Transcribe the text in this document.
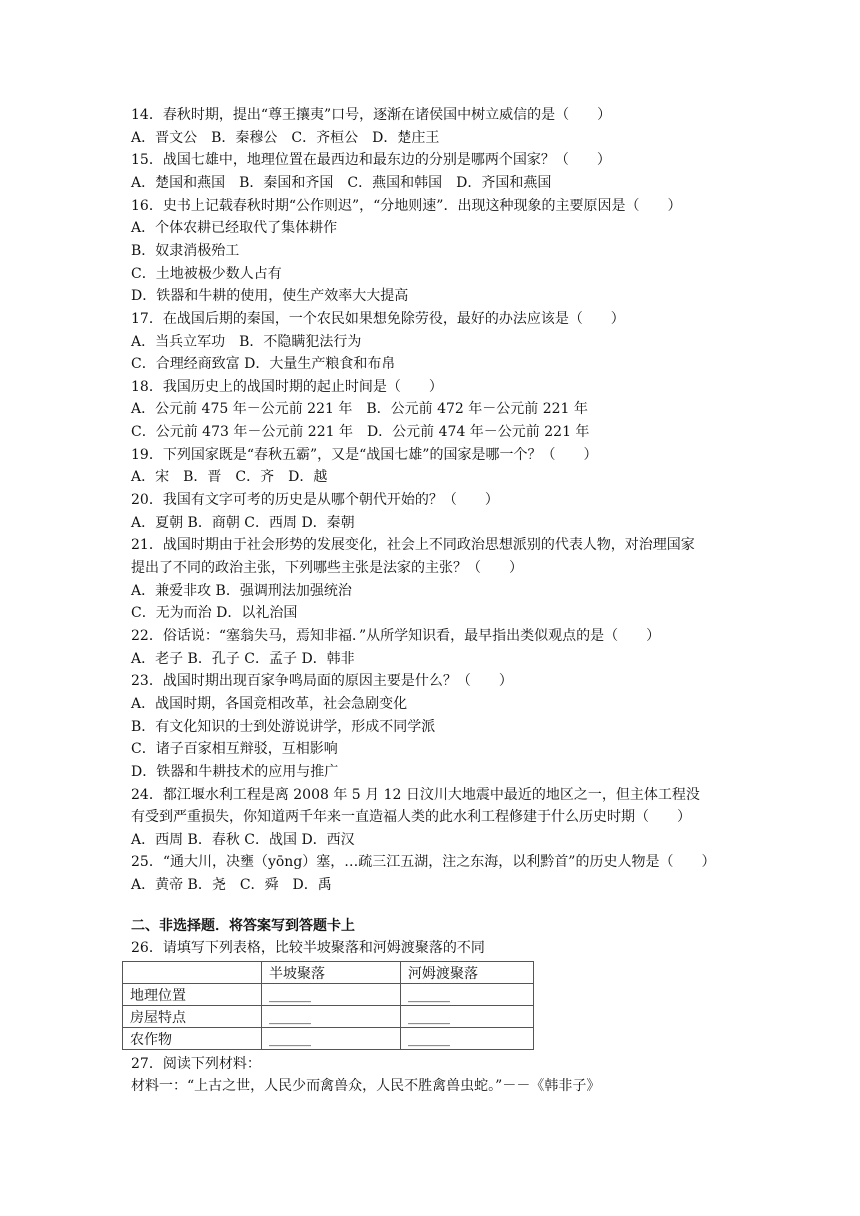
14．春秋时期，提出“尊王攘夷”口号，逐渐在诸侯国中树立威信的是（　　）
A．晋文公　B．秦穆公　C．齐桓公　D．楚庄王
15．战国七雄中，地理位置在最西边和最东边的分别是哪两个国家？（　　）
A．楚国和燕国　B．秦国和齐国　C．燕国和韩国　D．齐国和燕国
16．史书上记载春秋时期“公作则迟”，“分地则速”．出现这种现象的主要原因是（　　）
A．个体农耕已经取代了集体耕作
B．奴隶消极殆工
C．土地被极少数人占有
D．铁器和牛耕的使用，使生产效率大大提高
17．在战国后期的秦国，一个农民如果想免除劳役，最好的办法应该是（　　）
A．当兵立军功　B．不隐瞒犯法行为
C．合理经商致富 D．大量生产粮食和布帛
18．我国历史上的战国时期的起止时间是（　　）
A．公元前 475 年－公元前 221 年　B．公元前 472 年－公元前 221 年
C．公元前 473 年－公元前 221 年　D．公元前 474 年－公元前 221 年
19．下列国家既是“春秋五霸”，又是“战国七雄”的国家是哪一个？（　　）
A．宋　B．晋　C．齐　D．越
20．我国有文字可考的历史是从哪个朝代开始的？（　　）
A．夏朝 B．商朝 C．西周 D．秦朝
21．战国时期由于社会形势的发展变化，社会上不同政治思想派别的代表人物，对治理国家
提出了不同的政治主张，下列哪些主张是法家的主张？（　　）
A．兼爱非攻 B．强调刑法加强统治
C．无为而治 D．以礼治国
22．俗话说：“塞翁失马，焉知非福．”从所学知识看，最早指出类似观点的是（　　）
A．老子 B．孔子 C．孟子 D．韩非
23．战国时期出现百家争鸣局面的原因主要是什么？（　　）
A．战国时期，各国竞相改革，社会急剧变化
B．有文化知识的士到处游说讲学，形成不同学派
C．诸子百家相互辩驳，互相影响
D．铁器和牛耕技术的应用与推广
24．都江堰水利工程是离 2008 年 5 月 12 日汶川大地震中最近的地区之一，但主体工程没
有受到严重损失，你知道两千年来一直造福人类的此水利工程修建于什么历史时期（　　）
A．西周 B．春秋 C．战国 D．西汉
25．“通大川，决壅（yōng）塞，…疏三江五湖，注之东海，以利黔首”的历史人物是（　　）
A．黄帝 B．尧　C．舜　D．禹
二、非选择题．将答案写到答题卡上
26．请填写下列表格，比较半坡聚落和河姆渡聚落的不同
	半坡聚落	河姆渡聚落
地理位置	______	______
房屋特点	______	______
农作物	______	______
27．阅读下列材料：
材料一：“上古之世，人民少而禽兽众，人民不胜禽兽虫蛇。”－－《韩非子》
